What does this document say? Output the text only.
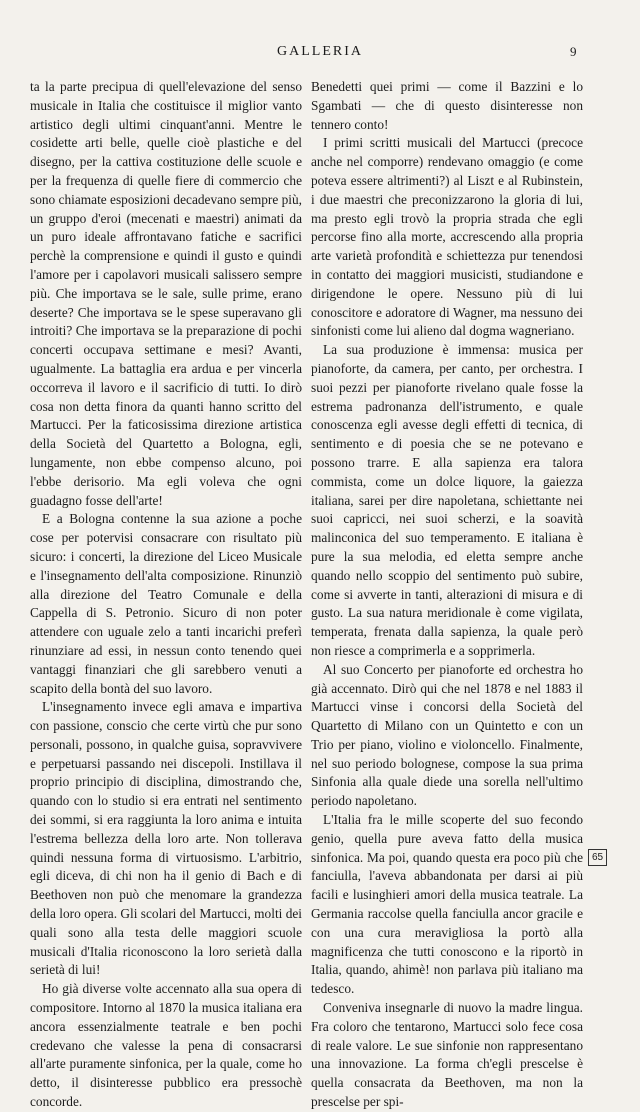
GALLERIA	9

ta la parte precipua di quell'elevazione del senso musicale in Italia che costituisce il miglior vanto artistico degli ultimi cinquant'anni. Mentre le cosidette arti belle, quelle cioè plastiche e del disegno, per la cattiva costituzione delle scuole e per la frequenza di quelle fiere di commercio che sono chiamate esposizioni decadevano sempre più, un gruppo d'eroi (mecenati e maestri) animati da un puro ideale affrontavano fatiche e sacrifici perchè la comprensione e quindi il gusto e quindi l'amore per i capolavori musicali salissero sempre più. Che importava se le sale, sulle prime, erano deserte? Che importava se le spese superavano gli introiti? Che importava se la preparazione di pochi concerti occupava settimane e mesi? Avanti, ugualmente. La battaglia era ardua e per vincerla occorreva il lavoro e il sacrificio di tutti. Io dirò cosa non detta finora da quanti hanno scritto del Martucci. Per la faticosissima direzione artistica della Società del Quartetto a Bologna, egli, lungamente, non ebbe compenso alcuno, poi l'ebbe derisorio. Ma egli voleva che ogni guadagno fosse dell'arte!

E a Bologna contenne la sua azione a poche cose per potervisi consacrare con risultato più sicuro: i concerti, la direzione del Liceo Musicale e l'insegnamento dell'alta composizione. Rinunziò alla direzione del Teatro Comunale e della Cappella di S. Petronio. Sicuro di non poter attendere con uguale zelo a tanti incarichi preferì rinunziare ad essi, in nessun conto tenendo quei vantaggi finanziari che gli sarebbero venuti a scapito della bontà del suo lavoro.

L'insegnamento invece egli amava e impartiva con passione, conscio che certe virtù che pur sono personali, possono, in qualche guisa, sopravvivere e perpetuarsi passando nei discepoli. Instillava il proprio principio di disciplina, dimostrando che, quando con lo studio si era entrati nel sentimento dei sommi, si era raggiunta la loro anima e intuita l'estrema bellezza della loro arte. Non tollerava quindi nessuna forma di virtuosismo. L'arbitrio, egli diceva, di chi non ha il genio di Bach e di Beethoven non può che menomare la grandezza della loro opera. Gli scolari del Martucci, molti dei quali sono alla testa delle maggiori scuole musicali d'Italia riconoscono la loro serietà dalla serietà di lui!

Ho già diverse volte accennato alla sua opera di compositore. Intorno al 1870 la musica italiana era ancora essenzialmente teatrale e ben pochi credevano che valesse la pena di consacrarsi all'arte puramente sinfonica, per la quale, come ho detto, il disinteresse pubblico era pressochè concorde.

Benedetti quei primi — come il Bazzini e lo Sgambati — che di questo disinteresse non tennero conto!

I primi scritti musicali del Martucci (precoce anche nel comporre) rendevano omaggio (e come poteva essere altrimenti?) al Liszt e al Rubinstein, i due maestri che preconizzarono la gloria di lui, ma presto egli trovò la propria strada che egli percorse fino alla morte, accrescendo alla propria arte varietà profondità e schiettezza pur tenendosi in contatto dei maggiori musicisti, studiandone e dirigendone le opere. Nessuno più di lui conoscitore e adoratore di Wagner, ma nessuno dei sinfonisti come lui alieno dal dogma wagneriano.

La sua produzione è immensa: musica per pianoforte, da camera, per canto, per orchestra. I suoi pezzi per pianoforte rivelano quale fosse la estrema padronanza dell'istrumento, e quale conoscenza egli avesse degli effetti di tecnica, di sentimento e di poesia che se ne potevano e possono trarre. E alla sapienza era talora commista, come un dolce liquore, la gaiezza italiana, sarei per dire napoletana, schiettante nei suoi capricci, nei suoi scherzi, e la soavità malinconica del suo temperamento. E italiana è pure la sua melodia, ed eletta sempre anche quando nello scoppio del sentimento può subire, come si avverte in tanti, alterazioni di misura e di gusto. La sua natura meridionale è come vigilata, temperata, frenata dalla sapienza, la quale però non riesce a comprimerla e a sopprimerla.

Al suo Concerto per pianoforte ed orchestra ho già accennato. Dirò qui che nel 1878 e nel 1883 il Martucci vinse i concorsi della Società del Quartetto di Milano con un Quintetto e con un Trio per piano, violino e violoncello. Finalmente, nel suo periodo bolognese, compose la sua prima Sinfonia alla quale diede una sorella nell'ultimo periodo napoletano.

L'Italia fra le mille scoperte del suo fecondo genio, quella pure aveva fatto della musica sinfonica. Ma poi, quando questa era poco più che fanciulla, l'aveva abbandonata per darsi ai più facili e lusinghieri amori della musica teatrale. La Germania raccolse quella fanciulla ancor gracile e con una cura meravigliosa la portò alla magnificenza che tutti conoscono e la riportò in Italia, quando, ahimè! non parlava più italiano ma tedesco.

Conveniva insegnarle di nuovo la madre lingua. Fra coloro che tentarono, Martucci solo fece cosa di reale valore. Le sue sinfonie non rappresentano una innovazione. La forma ch'egli prescelse è quella consacrata da Beethoven, ma non la prescelse per spi-

65
